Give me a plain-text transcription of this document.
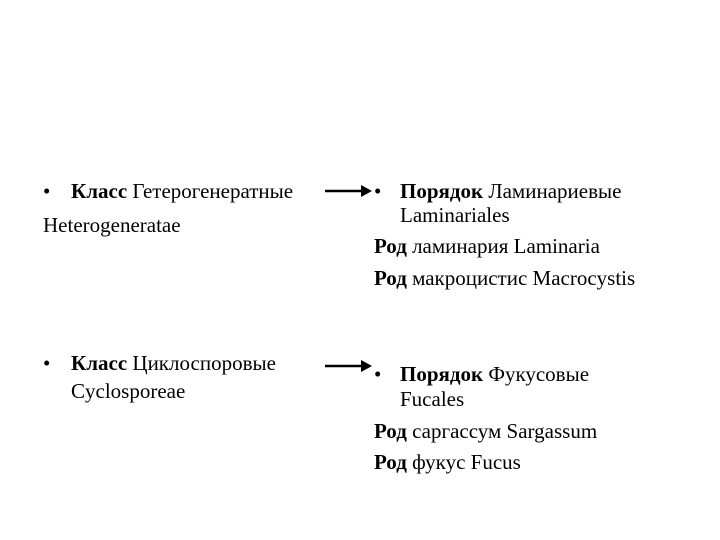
• Класс Гетерогенератные
Heterogeneratae
• Класс Циклоспоровые
Cyclosporeae
• Порядок Ламинариевые
Laminariales
Род ламинария Laminaria
Род макроцистис Macrocystis
• Порядок Фукусовые
Fucales
Род саргассум Sargassum
Род фукус Fucus
